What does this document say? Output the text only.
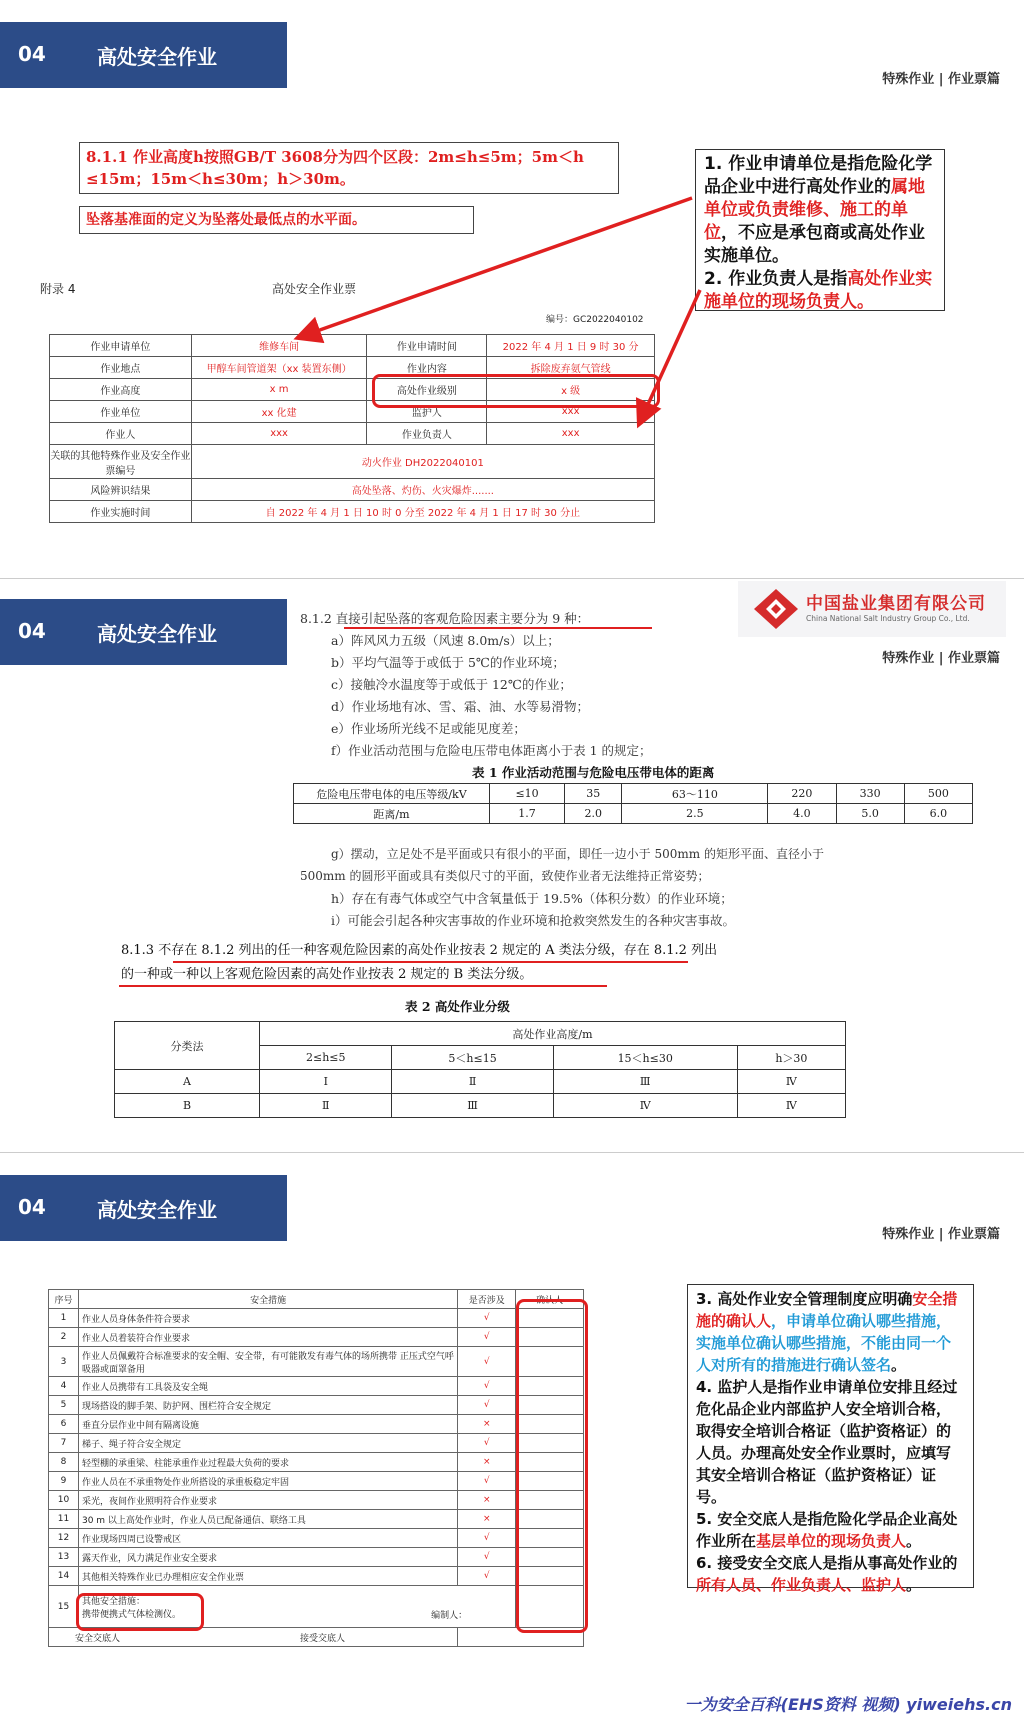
04	高处安全作业
特殊作业 | 作业票篇
8.1.1 作业高度h按照GB/T 3608分为四个区段：2m≤h≤5m；5m＜h ≤15m；15m＜h≤30m；h＞30m。
坠落基准面的定义为坠落处最低点的水平面。
附录 4	高处安全作业票
编号：GC2022040102
作业申请单位	维修车间	作业申请时间	2022 年 4 月 1 日 9 时 30 分
作业地点	甲醇车间管道架（xx 装置东侧）	作业内容	拆除废弃氨气管线
作业高度	x m	高处作业级别	x 级
作业单位	xx 化建	监护人	xxx
作业人	xxx	作业负责人	xxx
关联的其他特殊作业及安全作业票编号	动火作业 DH2022040101		
风险辨识结果	高处坠落、灼伤、火灾爆炸.......		
作业实施时间	自 2022 年 4 月 1 日 10 时 0 分至 2022 年 4 月 1 日 17 时 30 分止		
1. 作业申请单位是指危险化学品企业中进行高处作业的属地单位或负责维修、施工的单位，不应是承包商或高处作业实施单位。
2. 作业负责人是指高处作业实施单位的现场负责人。
04	高处安全作业
特殊作业 | 作业票篇
中国盐业集团有限公司
China National Salt Industry Group Co., Ltd.
8.1.2 直接引起坠落的客观危险因素主要分为 9 种：
a）阵风风力五级（风速 8.0m/s）以上；
b）平均气温等于或低于 5℃的作业环境；
c）接触冷水温度等于或低于 12℃的作业；
d）作业场地有冰、雪、霜、油、水等易滑物；
e）作业场所光线不足或能见度差；
f）作业活动范围与危险电压带电体距离小于表 1 的规定；
表 1 作业活动范围与危险电压带电体的距离
危险电压带电体的电压等级/kV	≤10	35	63～110	220	330	500
距离/m	1.7	2.0	2.5	4.0	5.0	6.0
g）摆动，立足处不是平面或只有很小的平面，即任一边小于 500mm 的矩形平面、直径小于
500mm 的圆形平面或具有类似尺寸的平面，致使作业者无法维持正常姿势；
h）存在有毒气体或空气中含氧量低于 19.5%（体积分数）的作业环境；
i）可能会引起各种灾害事故的作业环境和抢救突然发生的各种灾害事故。
8.1.3 不存在 8.1.2 列出的任一种客观危险因素的高处作业按表 2 规定的 A 类法分级，存在 8.1.2 列出
的一种或一种以上客观危险因素的高处作业按表 2 规定的 B 类法分级。
表 2 高处作业分级
分类法	高处作业高度/m			
	2≤h≤5	5＜h≤15	15＜h≤30	h＞30
A	Ⅰ	Ⅱ	Ⅲ	Ⅳ
B	Ⅱ	Ⅲ	Ⅳ	Ⅳ
04	高处安全作业
特殊作业 | 作业票篇
序号	安全措施	是否涉及	确认人
1	作业人员身体条件符合要求	√	
2	作业人员着装符合作业要求	√	
3	作业人员佩戴符合标准要求的安全帽、安全带，有可能散发有毒气体的场所携带 正压式空气呼吸器或面罩备用	√	
4	作业人员携带有工具袋及安全绳	√	
5	现场搭设的脚手架、防护网、围栏符合安全规定	√	
6	垂直分层作业中间有隔离设施	×	
7	梯子、绳子符合安全规定	√	
8	轻型棚的承重梁、柱能承重作业过程最大负荷的要求	×	
9	作业人员在不承重物处作业所搭设的承重板稳定牢固	√	
10	采光，夜间作业照明符合作业要求	×	
11	30 m 以上高处作业时，作业人员已配备通信、联络工具	×	
12	作业现场四周已设警戒区	√	
13	露天作业，风力满足作业安全要求	√	
14	其他相关特殊作业已办理相应安全作业票	√	
15	其他安全措施：
携带便携式气体检测仪。 编制人：		

安全交底人 接受交底人			
3. 高处作业安全管理制度应明确安全措施的确认人，申请单位确认哪些措施，实施单位确认哪些措施，不能由同一个人对所有的措施进行确认签名。
4. 监护人是指作业申请单位安排且经过危化品企业内部监护人安全培训合格，取得安全培训合格证（监护资格证）的人员。办理高处安全作业票时，应填写其安全培训合格证（监护资格证）证号。
5. 安全交底人是指危险化学品企业高处作业所在基层单位的现场负责人。
6. 接受安全交底人是指从事高处作业的所有人员、作业负责人、监护人。
一为安全百科(EHS资料 视频) yiweiehs.cn
